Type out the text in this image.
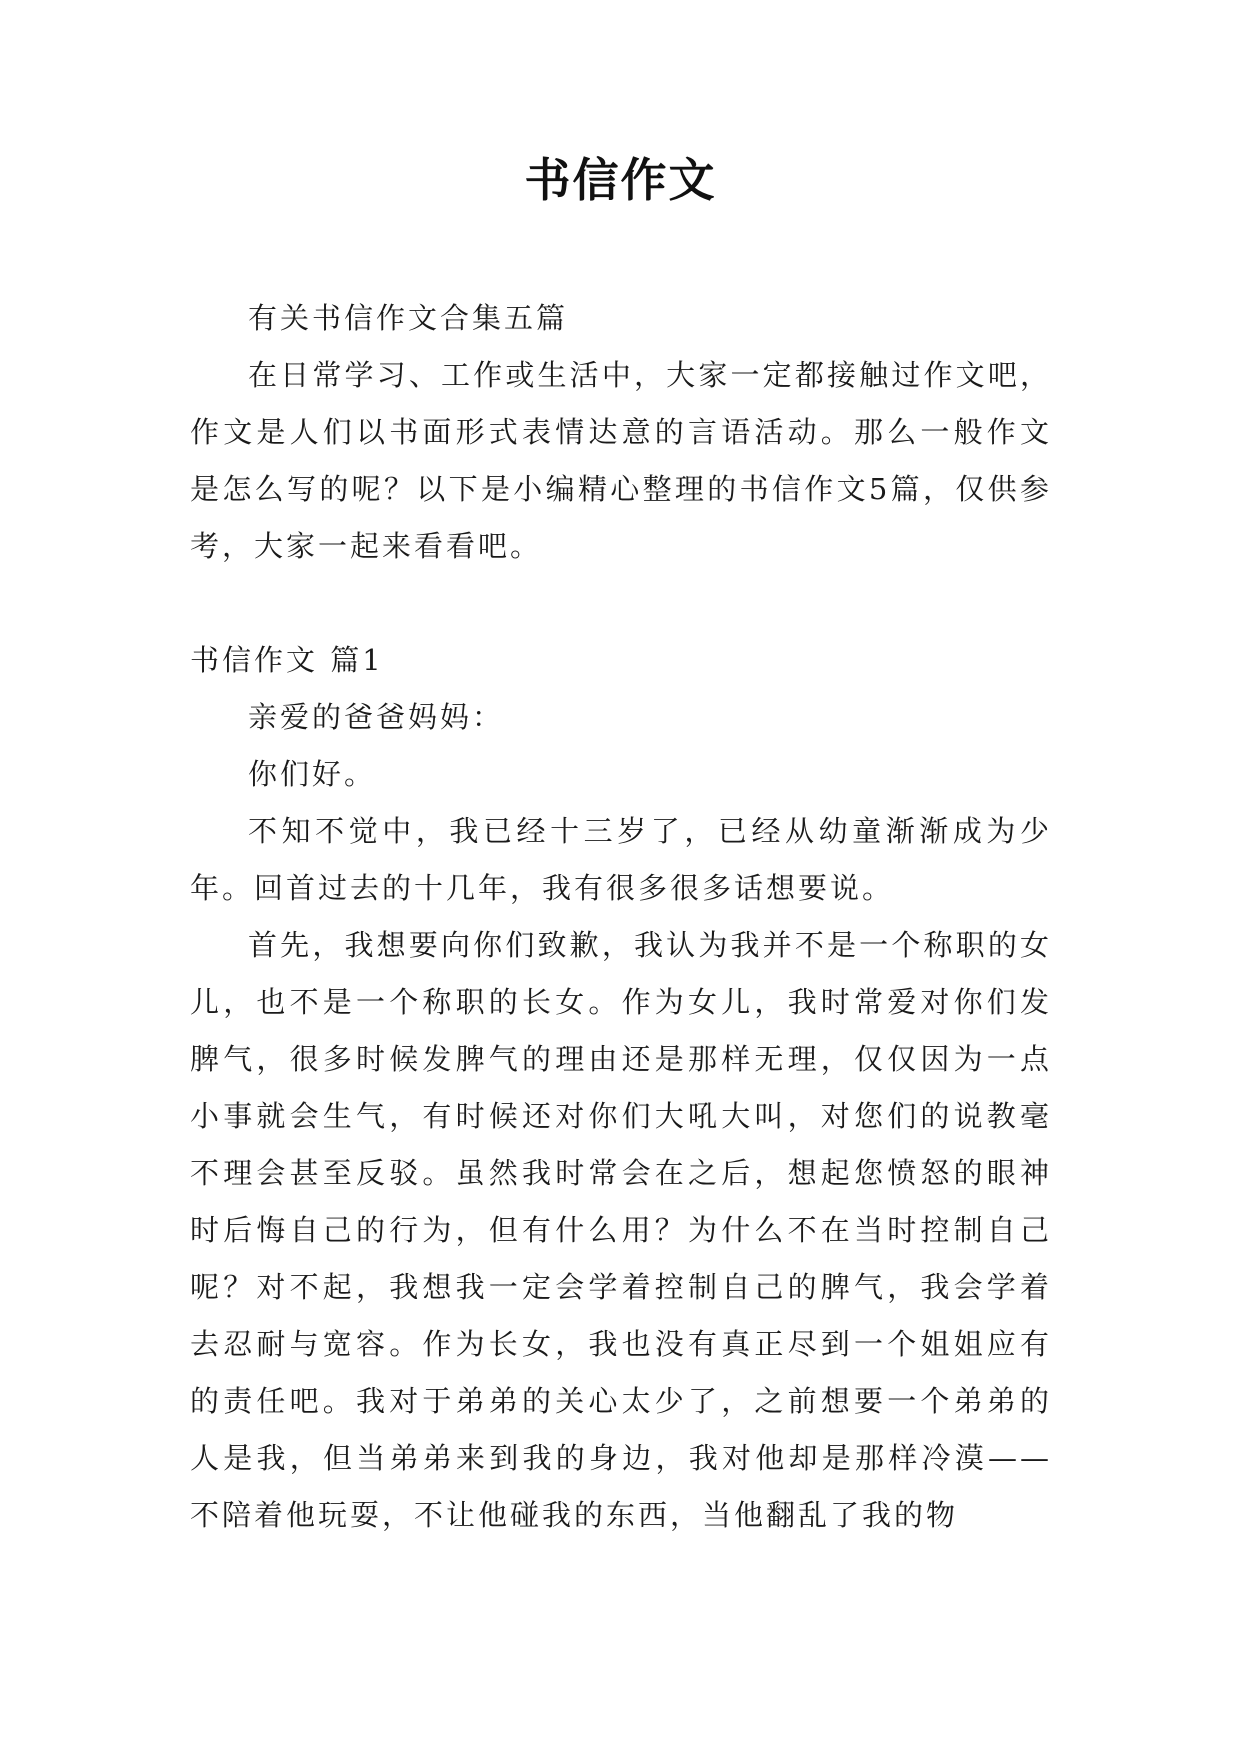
书信作文

有关书信作文合集五篇

在日常学习、工作或生活中，大家一定都接触过作文吧，作文是人们以书面形式表情达意的言语活动。那么一般作文是怎么写的呢？以下是小编精心整理的书信作文5篇，仅供参考，大家一起来看看吧。

书信作文 篇1

亲爱的爸爸妈妈：

你们好。

不知不觉中，我已经十三岁了，已经从幼童渐渐成为少年。回首过去的十几年，我有很多很多话想要说。

首先，我想要向你们致歉，我认为我并不是一个称职的女儿，也不是一个称职的长女。作为女儿，我时常爱对你们发脾气，很多时候发脾气的理由还是那样无理，仅仅因为一点小事就会生气，有时候还对你们大吼大叫，对您们的说教毫不理会甚至反驳。虽然我时常会在之后，想起您愤怒的眼神时后悔自己的行为，但有什么用？为什么不在当时控制自己呢？对不起，我想我一定会学着控制自己的脾气，我会学着去忍耐与宽容。作为长女，我也没有真正尽到一个姐姐应有的责任吧。我对于弟弟的关心太少了，之前想要一个弟弟的人是我，但当弟弟来到我的身边，我对他却是那样冷漠——不陪着他玩耍，不让他碰我的东西，当他翻乱了我的物
